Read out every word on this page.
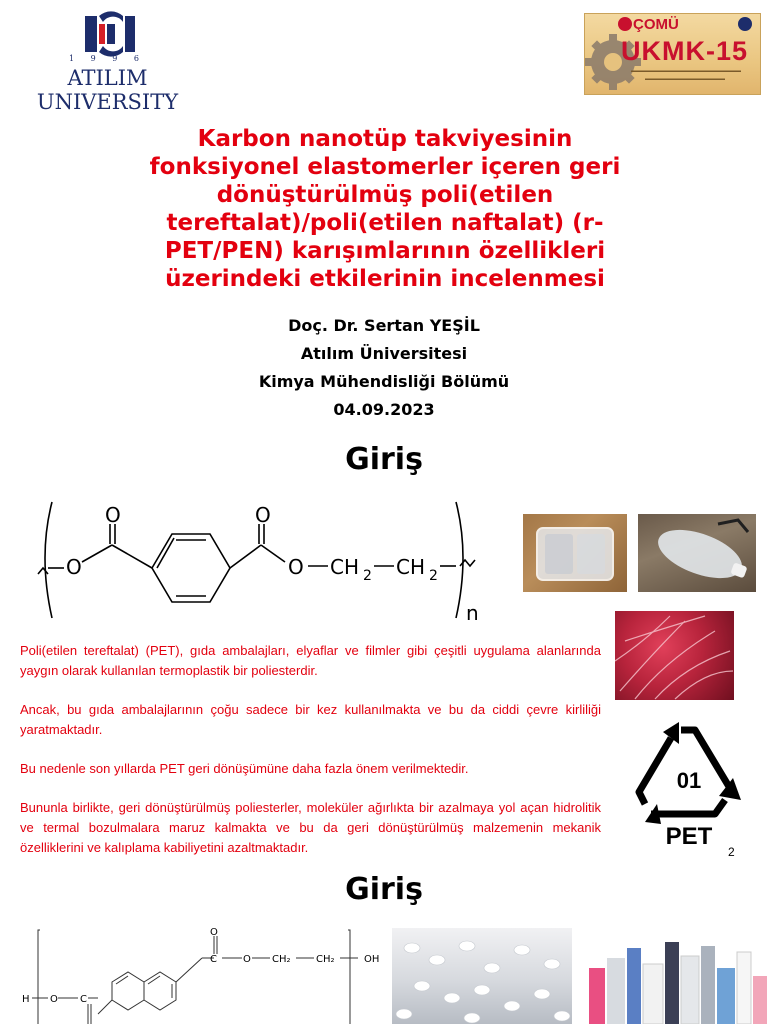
1 9 9 6
ATILIM
UNIVERSITY
ÇOMÜ
UKMK-15
▬▬▬▬▬▬▬▬▬▬▬▬▬▬▬▬▬▬▬▬▬▬
▬▬▬▬▬▬▬▬▬▬▬▬▬▬▬▬
Karbon nanotüp takviyesinin
fonksiyonel elastomerler içeren geri
dönüştürülmüş poli(etilen
tereftalat)/poli(etilen naftalat) (r-
PET/PEN) karışımlarının özellikleri
üzerindeki etkilerinin incelenmesi
Doç. Dr. Sertan YEŞİL
Atılım Üniversitesi
Kimya Mühendisliği Bölümü
04.09.2023
Giriş
O
O	O
O CH 2 CH 2
n

Poli(etilen tereftalat) (PET), gıda ambalajları, elyaflar ve filmler gibi çeşitli uygulama alanlarında yaygın olarak kullanılan termoplastik bir poliesterdir.

Ancak, bu gıda ambalajlarının çoğu sadece bir kez kullanılmakta ve bu da ciddi çevre kirliliği yaratmaktadır.

Bu nedenle son yıllarda PET geri dönüşümüne daha fazla önem verilmektedir.

Bununla birlikte, geri dönüştürülmüş poliesterler, moleküler ağırlıkta bir azalmaya yol açan hidrolitik ve termal bozulmalara maruz kalmakta ve bu da geri dönüştürülmüş malzemenin mekanik özelliklerini ve kalıplama kabiliyetini azaltmaktadır.

01
PET
2
Giriş
O
C	O CH₂	CH₂	OH
H O C
